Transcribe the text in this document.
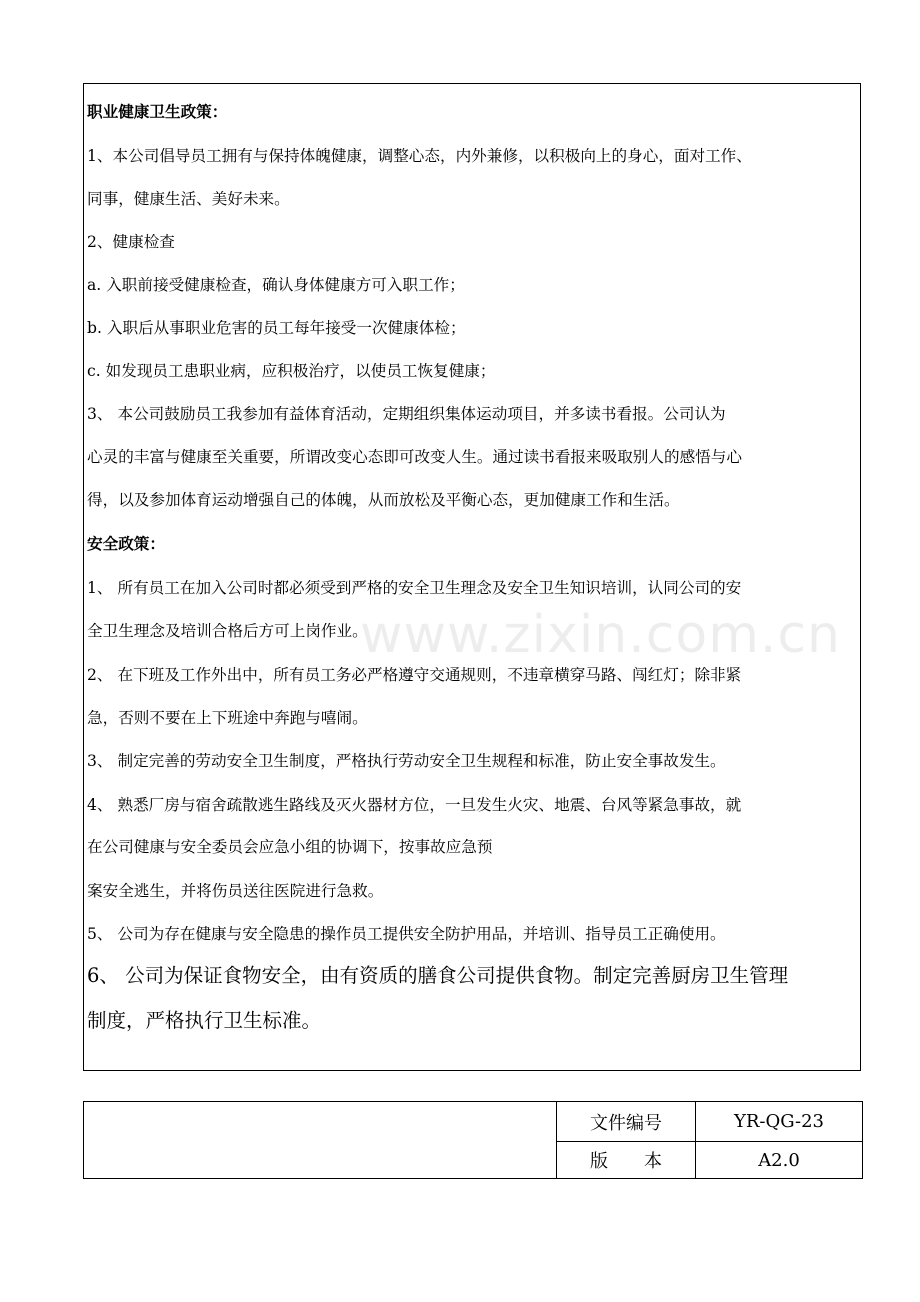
职业健康卫生政策：
1、本公司倡导员工拥有与保持体魄健康，调整心态，内外兼修，以积极向上的身心，面对工作、
同事，健康生活、美好未来。
2、健康检查
a. 入职前接受健康检查，确认身体健康方可入职工作；
b. 入职后从事职业危害的员工每年接受一次健康体检；
c. 如发现员工患职业病，应积极治疗，以使员工恢复健康；
3、 本公司鼓励员工我参加有益体育活动，定期组织集体运动项目，并多读书看报。公司认为
心灵的丰富与健康至关重要，所谓改变心态即可改变人生。通过读书看报来吸取别人的感悟与心
得，以及参加体育运动增强自己的体魄，从而放松及平衡心态，更加健康工作和生活。
安全政策：
1、 所有员工在加入公司时都必须受到严格的安全卫生理念及安全卫生知识培训，认同公司的安
全卫生理念及培训合格后方可上岗作业。
2、 在下班及工作外出中，所有员工务必严格遵守交通规则，不违章横穿马路、闯红灯；除非紧
急，否则不要在上下班途中奔跑与嘻闹。
3、 制定完善的劳动安全卫生制度，严格执行劳动安全卫生规程和标准，防止安全事故发生。
4、 熟悉厂房与宿舍疏散逃生路线及灭火器材方位，一旦发生火灾、地震、台风等紧急事故，就
在公司健康与安全委员会应急小组的协调下，按事故应急预
案安全逃生，并将伤员送往医院进行急救。
5、 公司为存在健康与安全隐患的操作员工提供安全防护用品，并培训、指导员工正确使用。
6、 公司为保证食物安全，由有资质的膳食公司提供食物。制定完善厨房卫生管理
制度，严格执行卫生标准。
www.zixin.com.cn
	文件编号	YR-QG-23
	版　　本	A2.0
